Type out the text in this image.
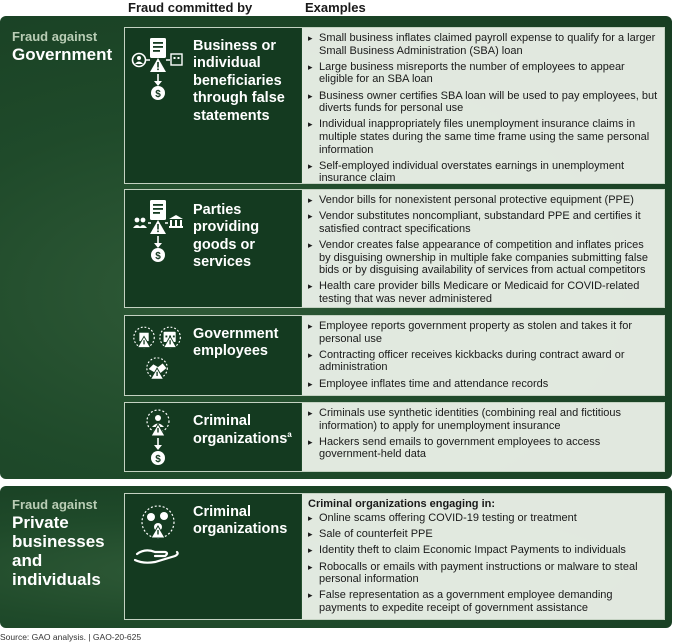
Fraud committed by	Examples
Fraud against
Government
$
Business or individual beneficiaries through false statements
▸ Small business inflates claimed payroll expense to qualify for a larger Small Business Administration (SBA) loan
▸ Large business misreports the number of employees to appear eligible for an SBA loan
▸ Business owner certifies SBA loan will be used to pay employees, but diverts funds for personal use
▸ Individual inappropriately files unemployment insurance claims in multiple states during the same time frame using the same personal information
▸ Self-employed individual overstates earnings in unemployment insurance claim
$
Parties providing goods or services
▸ Vendor bills for nonexistent personal protective equipment (PPE)
▸ Vendor substitutes noncompliant, substandard PPE and certifies it satisfied contract specifications
▸ Vendor creates false appearance of competition and inflates prices by disguising ownership in multiple fake companies submitting false bids or by disguising availability of services from actual competitors
▸ Health care provider bills Medicare or Medicaid for COVID-related testing that was never administered
Government employees
▸ Employee reports government property as stolen and takes it for personal use
▸ Contracting officer receives kickbacks during contract award or administration
▸ Employee inflates time and attendance records
$
Criminal organizations$^a$
▸ Criminals use synthetic identities (combining real and fictitious information) to apply for unemployment insurance
▸ Hackers send emails to government employees to access government-held data
Fraud against
Private businesses and individuals
Criminal organizations
Criminal organizations engaging in:
▸ Online scams offering COVID-19 testing or treatment
▸ Sale of counterfeit PPE
▸ Identity theft to claim Economic Impact Payments to individuals
▸ Robocalls or emails with payment instructions or malware to steal personal information
▸ False representation as a government employee demanding payments to expedite receipt of government assistance
Source: GAO analysis. | GAO-20-625
